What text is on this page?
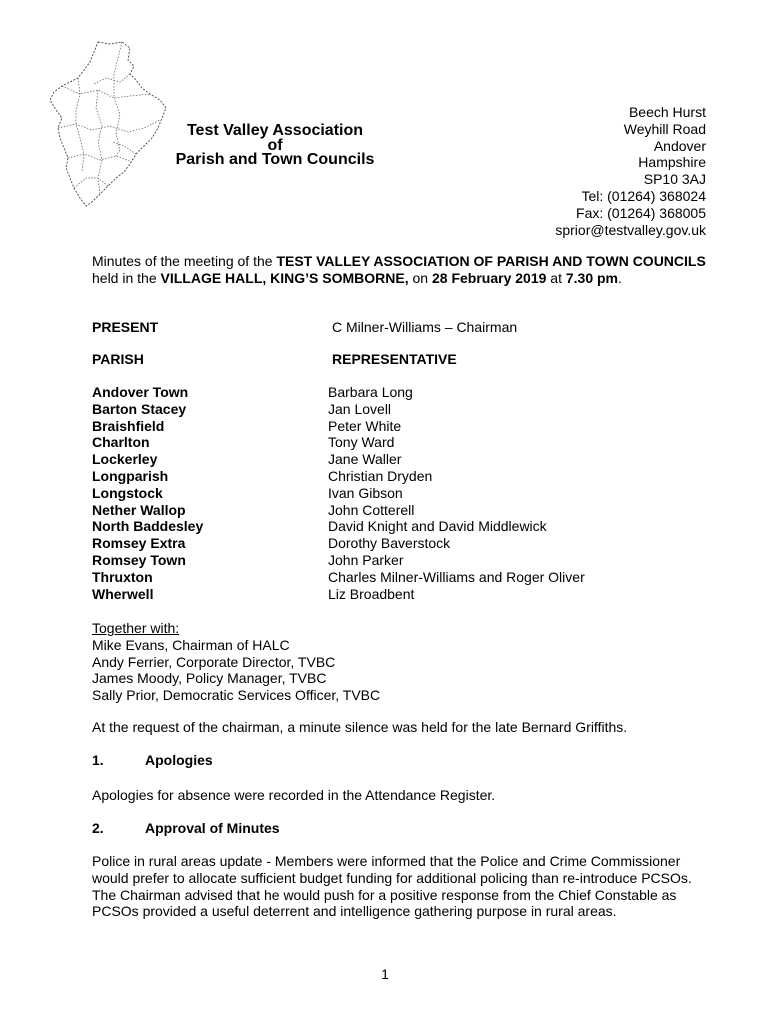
Test Valley Association
of
Parish and Town Councils
Beech Hurst
Weyhill Road
Andover
Hampshire
SP10 3AJ
Tel: (01264) 368024
Fax: (01264) 368005
sprior@testvalley.gov.uk
Minutes of the meeting of the TEST VALLEY ASSOCIATION OF PARISH AND TOWN COUNCILS held in the VILLAGE HALL, KING’S SOMBORNE, on 28 February 2019 at 7.30 pm.
PRESENT	C Milner-Williams – Chairman
PARISH	REPRESENTATIVE
Andover Town	Barbara Long
Barton Stacey	Jan Lovell
Braishfield	Peter White
Charlton	Tony Ward
Lockerley	Jane Waller
Longparish	Christian Dryden
Longstock	Ivan Gibson
Nether Wallop	John Cotterell
North Baddesley	David Knight and David Middlewick
Romsey Extra	Dorothy Baverstock
Romsey Town	John Parker
Thruxton	Charles Milner-Williams and Roger Oliver
Wherwell	Liz Broadbent
Together with:
Mike Evans, Chairman of HALC
Andy Ferrier, Corporate Director, TVBC
James Moody, Policy Manager, TVBC
Sally Prior, Democratic Services Officer, TVBC
At the request of the chairman, a minute silence was held for the late Bernard Griffiths.
1.	Apologies
Apologies for absence were recorded in the Attendance Register.
2.	Approval of Minutes
Police in rural areas update - Members were informed that the Police and Crime Commissioner would prefer to allocate sufficient budget funding for additional policing than re-introduce PCSOs. The Chairman advised that he would push for a positive response from the Chief Constable as PCSOs provided a useful deterrent and intelligence gathering purpose in rural areas.
1
